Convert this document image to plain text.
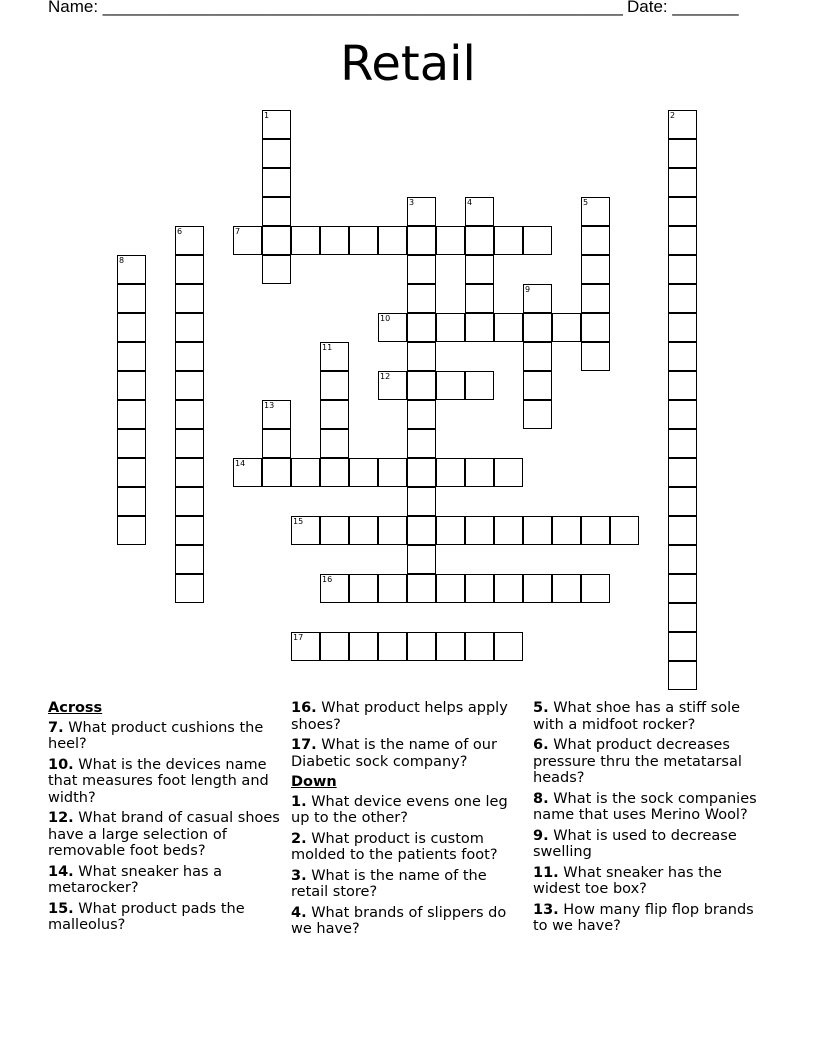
Name: _______________________________________________________ Date: _______
Retail
7
10
12
14
15
16
17
1	2
3	4	5
6
8
9
11
13
Across
7. What product cushions the heel?
10. What is the devices name that measures foot length and width?
12. What brand of casual shoes have a large selection of removable foot beds?
14. What sneaker has a metarocker?
15. What product pads the malleolus?
16. What product helps apply shoes?
17. What is the name of our Diabetic sock company?
Down
1. What device evens one leg up to the other?
2. What product is custom molded to the patients foot?
3. What is the name of the retail store?
4. What brands of slippers do we have?
5. What shoe has a stiff sole with a midfoot rocker?
6. What product decreases pressure thru the metatarsal heads?
8. What is the sock companies name that uses Merino Wool?
9. What is used to decrease swelling
11. What sneaker has the widest toe box?
13. How many flip flop brands to we have?
